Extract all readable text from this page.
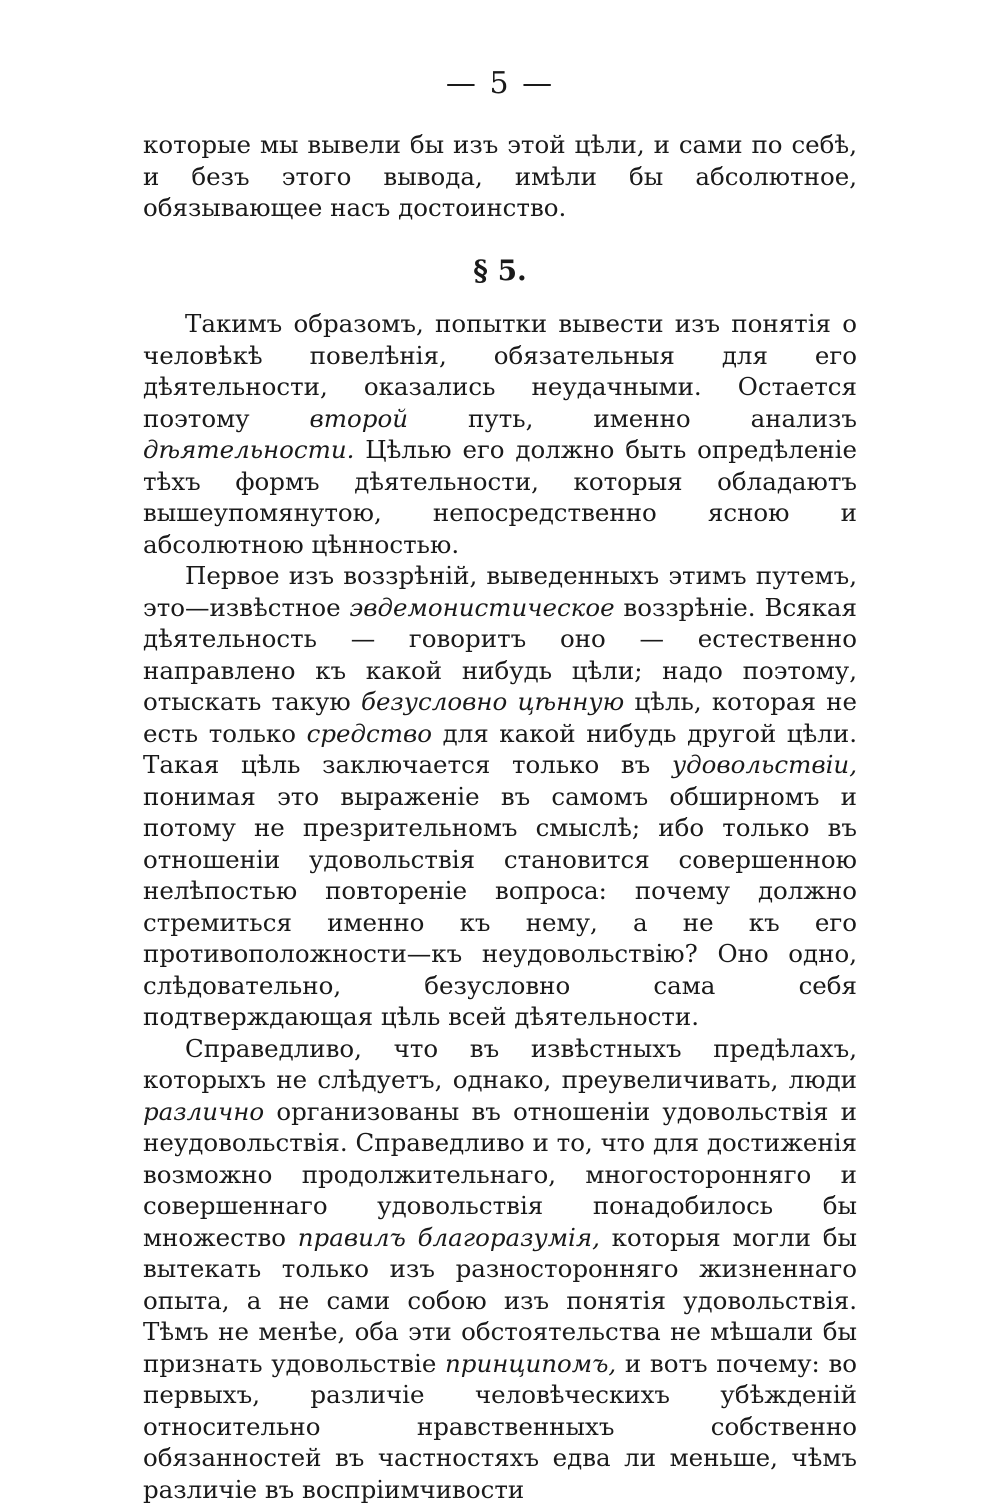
— 5 —

которые мы вывели бы изъ этой цѣли, и сами по себѣ, и безъ этого вывода, имѣли бы абсолютное, обязывающее насъ достоинство.

§ 5.

Такимъ образомъ, попытки вывести изъ понятія о человѣкѣ повелѣнія, обязательныя для его дѣятельности, оказались неудачными. Остается поэтому второй путь, именно анализъ дѣятельности. Цѣлью его должно быть опредѣленіе тѣхъ формъ дѣятельности, которыя обладаютъ вышеупомянутою, непосредственно ясною и абсолютною цѣнностью.

Первое изъ воззрѣній, выведенныхъ этимъ путемъ, это—извѣстное эвдемонистическое воззрѣніе. Всякая дѣятельность — говоритъ оно — естественно направлено къ какой нибудь цѣли; надо поэтому, отыскать такую безусловно цѣнную цѣль, которая не есть только средство для какой нибудь другой цѣли. Такая цѣль заключается только въ удовольствіи, понимая это выраженіе въ самомъ обширномъ и потому не презрительномъ смыслѣ; ибо только въ отношеніи удовольствія становится совершенною нелѣпостью повтореніе вопроса: почему должно стремиться именно къ нему, а не къ его противоположности—къ неудовольствію? Оно одно, слѣдовательно, безусловно сама себя подтверждающая цѣль всей дѣятельности.

Справедливо, что въ извѣстныхъ предѣлахъ, которыхъ не слѣдуетъ, однако, преувеличивать, люди различно организованы въ отношеніи удовольствія и неудовольствія. Справедливо и то, что для достиженія возможно продолжительнаго, многосторонняго и совершеннаго удовольствія понадобилось бы множество правилъ благоразумія, которыя могли бы вытекать только изъ разносторонняго жизненнаго опыта, а не сами собою изъ понятія удовольствія. Тѣмъ не менѣе, оба эти обстоятельства не мѣшали бы признать удовольствіе принципомъ, и вотъ почему: во первыхъ, различіе человѣческихъ убѣжденій относительно нравственныхъ собственно обязанностей въ частностяхъ едва ли меньше, чѣмъ различіе въ воспріимчивости
